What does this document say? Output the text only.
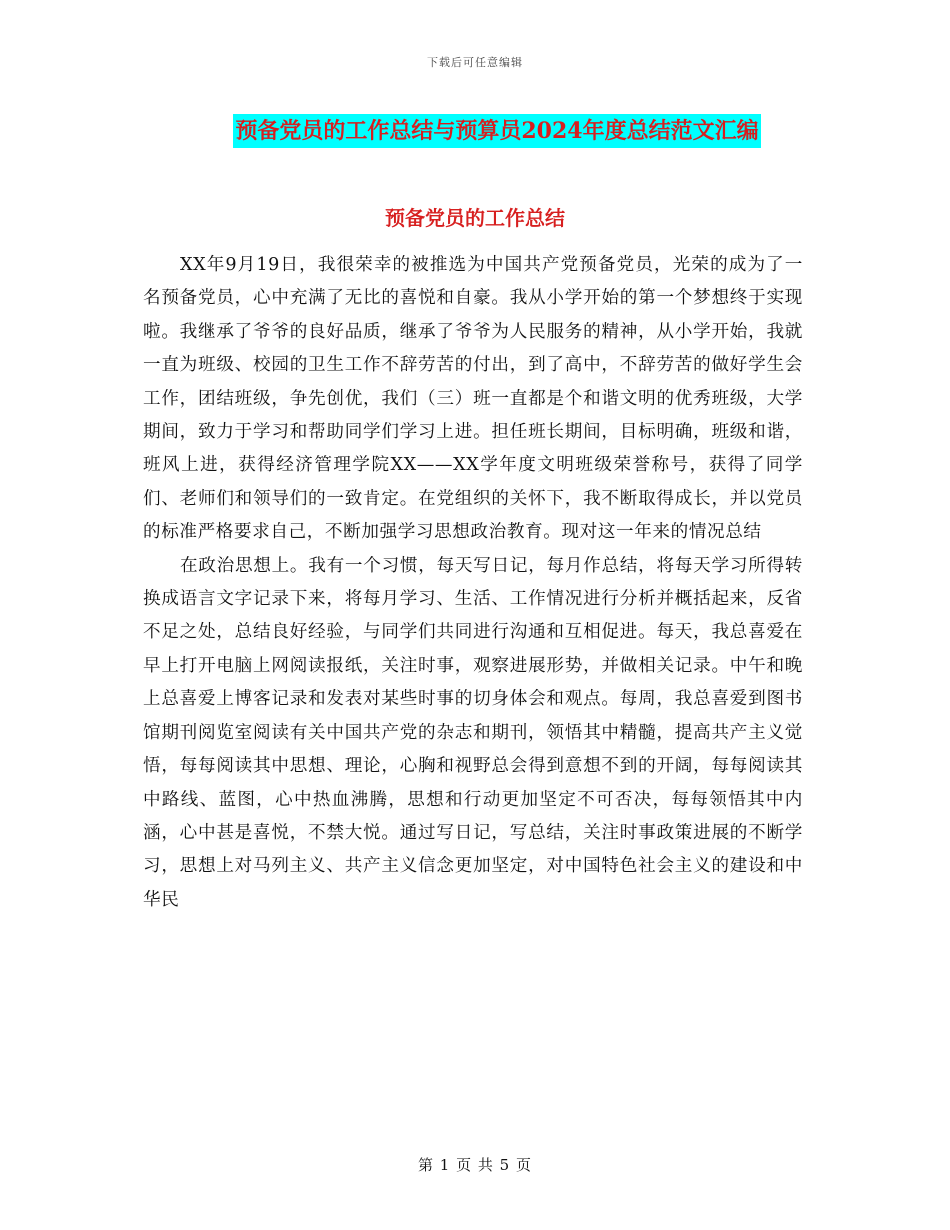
下载后可任意编辑
预备党员的工作总结与预算员2024年度总结范文汇编
预备党员的工作总结

XX年9月19日，我很荣幸的被推选为中国共产党预备党员，光荣的成为了一名预备党员，心中充满了无比的喜悦和自豪。我从小学开始的第一个梦想终于实现啦。我继承了爷爷的良好品质，继承了爷爷为人民服务的精神，从小学开始，我就一直为班级、校园的卫生工作不辞劳苦的付出，到了高中，不辞劳苦的做好学生会工作，团结班级，争先创优，我们（三）班一直都是个和谐文明的优秀班级，大学期间，致力于学习和帮助同学们学习上进。担任班长期间，目标明确，班级和谐，班风上进，获得经济管理学院XX——XX学年度文明班级荣誉称号，获得了同学们、老师们和领导们的一致肯定。在党组织的关怀下，我不断取得成长，并以党员的标准严格要求自己，不断加强学习思想政治教育。现对这一年来的情况总结

在政治思想上。我有一个习惯，每天写日记，每月作总结，将每天学习所得转换成语言文字记录下来，将每月学习、生活、工作情况进行分析并概括起来，反省不足之处，总结良好经验，与同学们共同进行沟通和互相促进。每天，我总喜爱在早上打开电脑上网阅读报纸，关注时事，观察进展形势，并做相关记录。中午和晚上总喜爱上博客记录和发表对某些时事的切身体会和观点。每周，我总喜爱到图书馆期刊阅览室阅读有关中国共产党的杂志和期刊，领悟其中精髓，提高共产主义觉悟，每每阅读其中思想、理论，心胸和视野总会得到意想不到的开阔，每每阅读其中路线、蓝图，心中热血沸腾，思想和行动更加坚定不可否决，每每领悟其中内涵，心中甚是喜悦，不禁大悦。通过写日记，写总结，关注时事政策进展的不断学习，思想上对马列主义、共产主义信念更加坚定，对中国特色社会主义的建设和中华民

第 1 页 共 5 页
